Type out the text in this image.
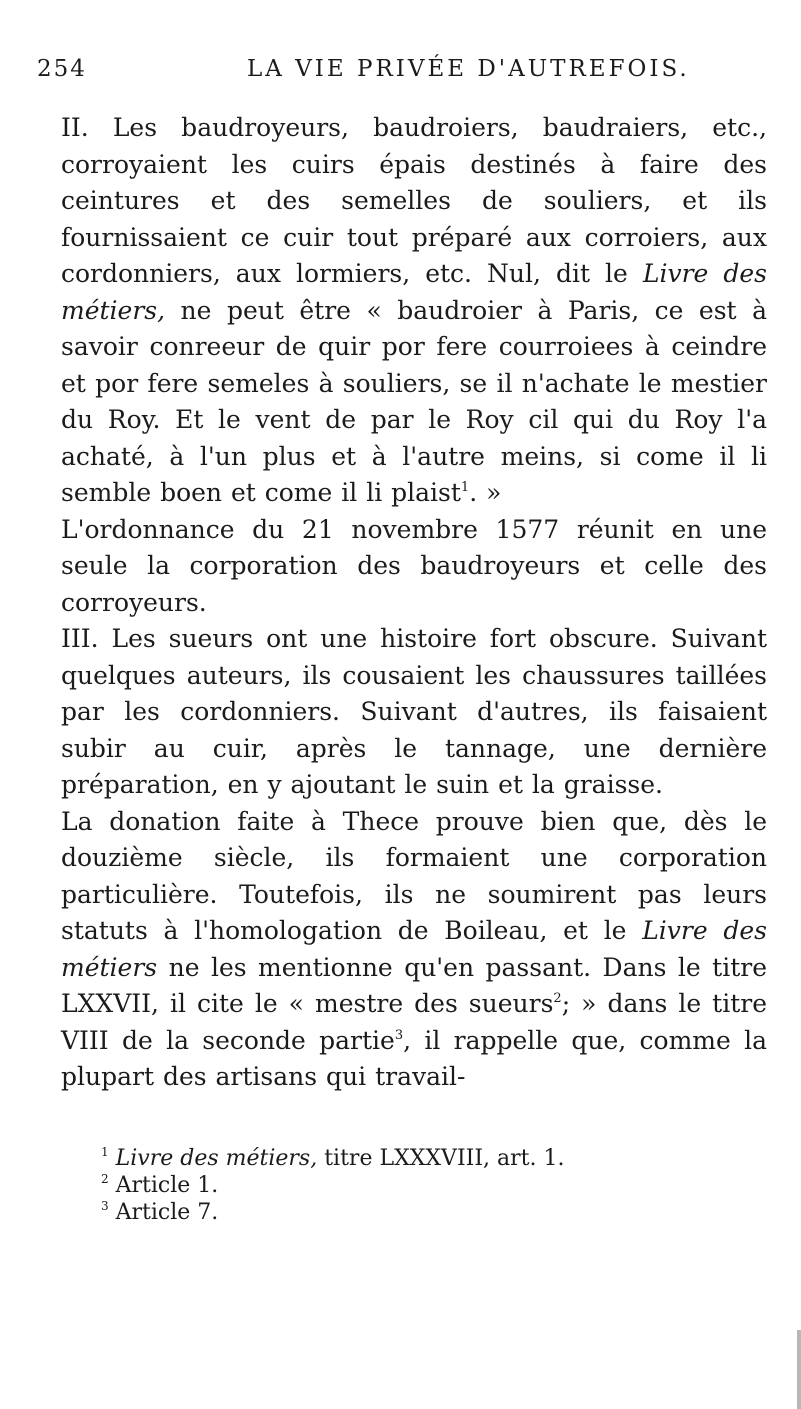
254	LA VIE PRIVÉE D'AUTREFOIS.

II. Les baudroyeurs, baudroiers, baudraiers, etc., corroyaient les cuirs épais destinés à faire des ceintures et des semelles de souliers, et ils fournissaient ce cuir tout préparé aux corroiers, aux cordonniers, aux lormiers, etc. Nul, dit le Livre des métiers, ne peut être « baudroier à Paris, ce est à savoir conreeur de quir por fere courroiees à ceindre et por fere semeles à souliers, se il n'achate le mestier du Roy. Et le vent de par le Roy cil qui du Roy l'a achaté, à l'un plus et à l'autre meins, si come il li semble boen et come il li plaist$^1$. »

L'ordonnance du 21 novembre 1577 réunit en une seule la corporation des baudroyeurs et celle des corroyeurs.

III. Les sueurs ont une histoire fort obscure. Suivant quelques auteurs, ils cousaient les chaussures taillées par les cordonniers. Suivant d'autres, ils faisaient subir au cuir, après le tannage, une dernière préparation, en y ajoutant le suin et la graisse.

La donation faite à Thece prouve bien que, dès le douzième siècle, ils formaient une corporation particulière. Toutefois, ils ne soumirent pas leurs statuts à l'homologation de Boileau, et le Livre des métiers ne les mentionne qu'en passant. Dans le titre LXXVII, il cite le « mestre des sueurs$^2$; » dans le titre VIII de la seconde partie$^3$, il rappelle que, comme la plupart des artisans qui travail-

$^1$ Livre des métiers, titre LXXXVIII, art. 1.

$^2$ Article 1.

$^3$ Article 7.
